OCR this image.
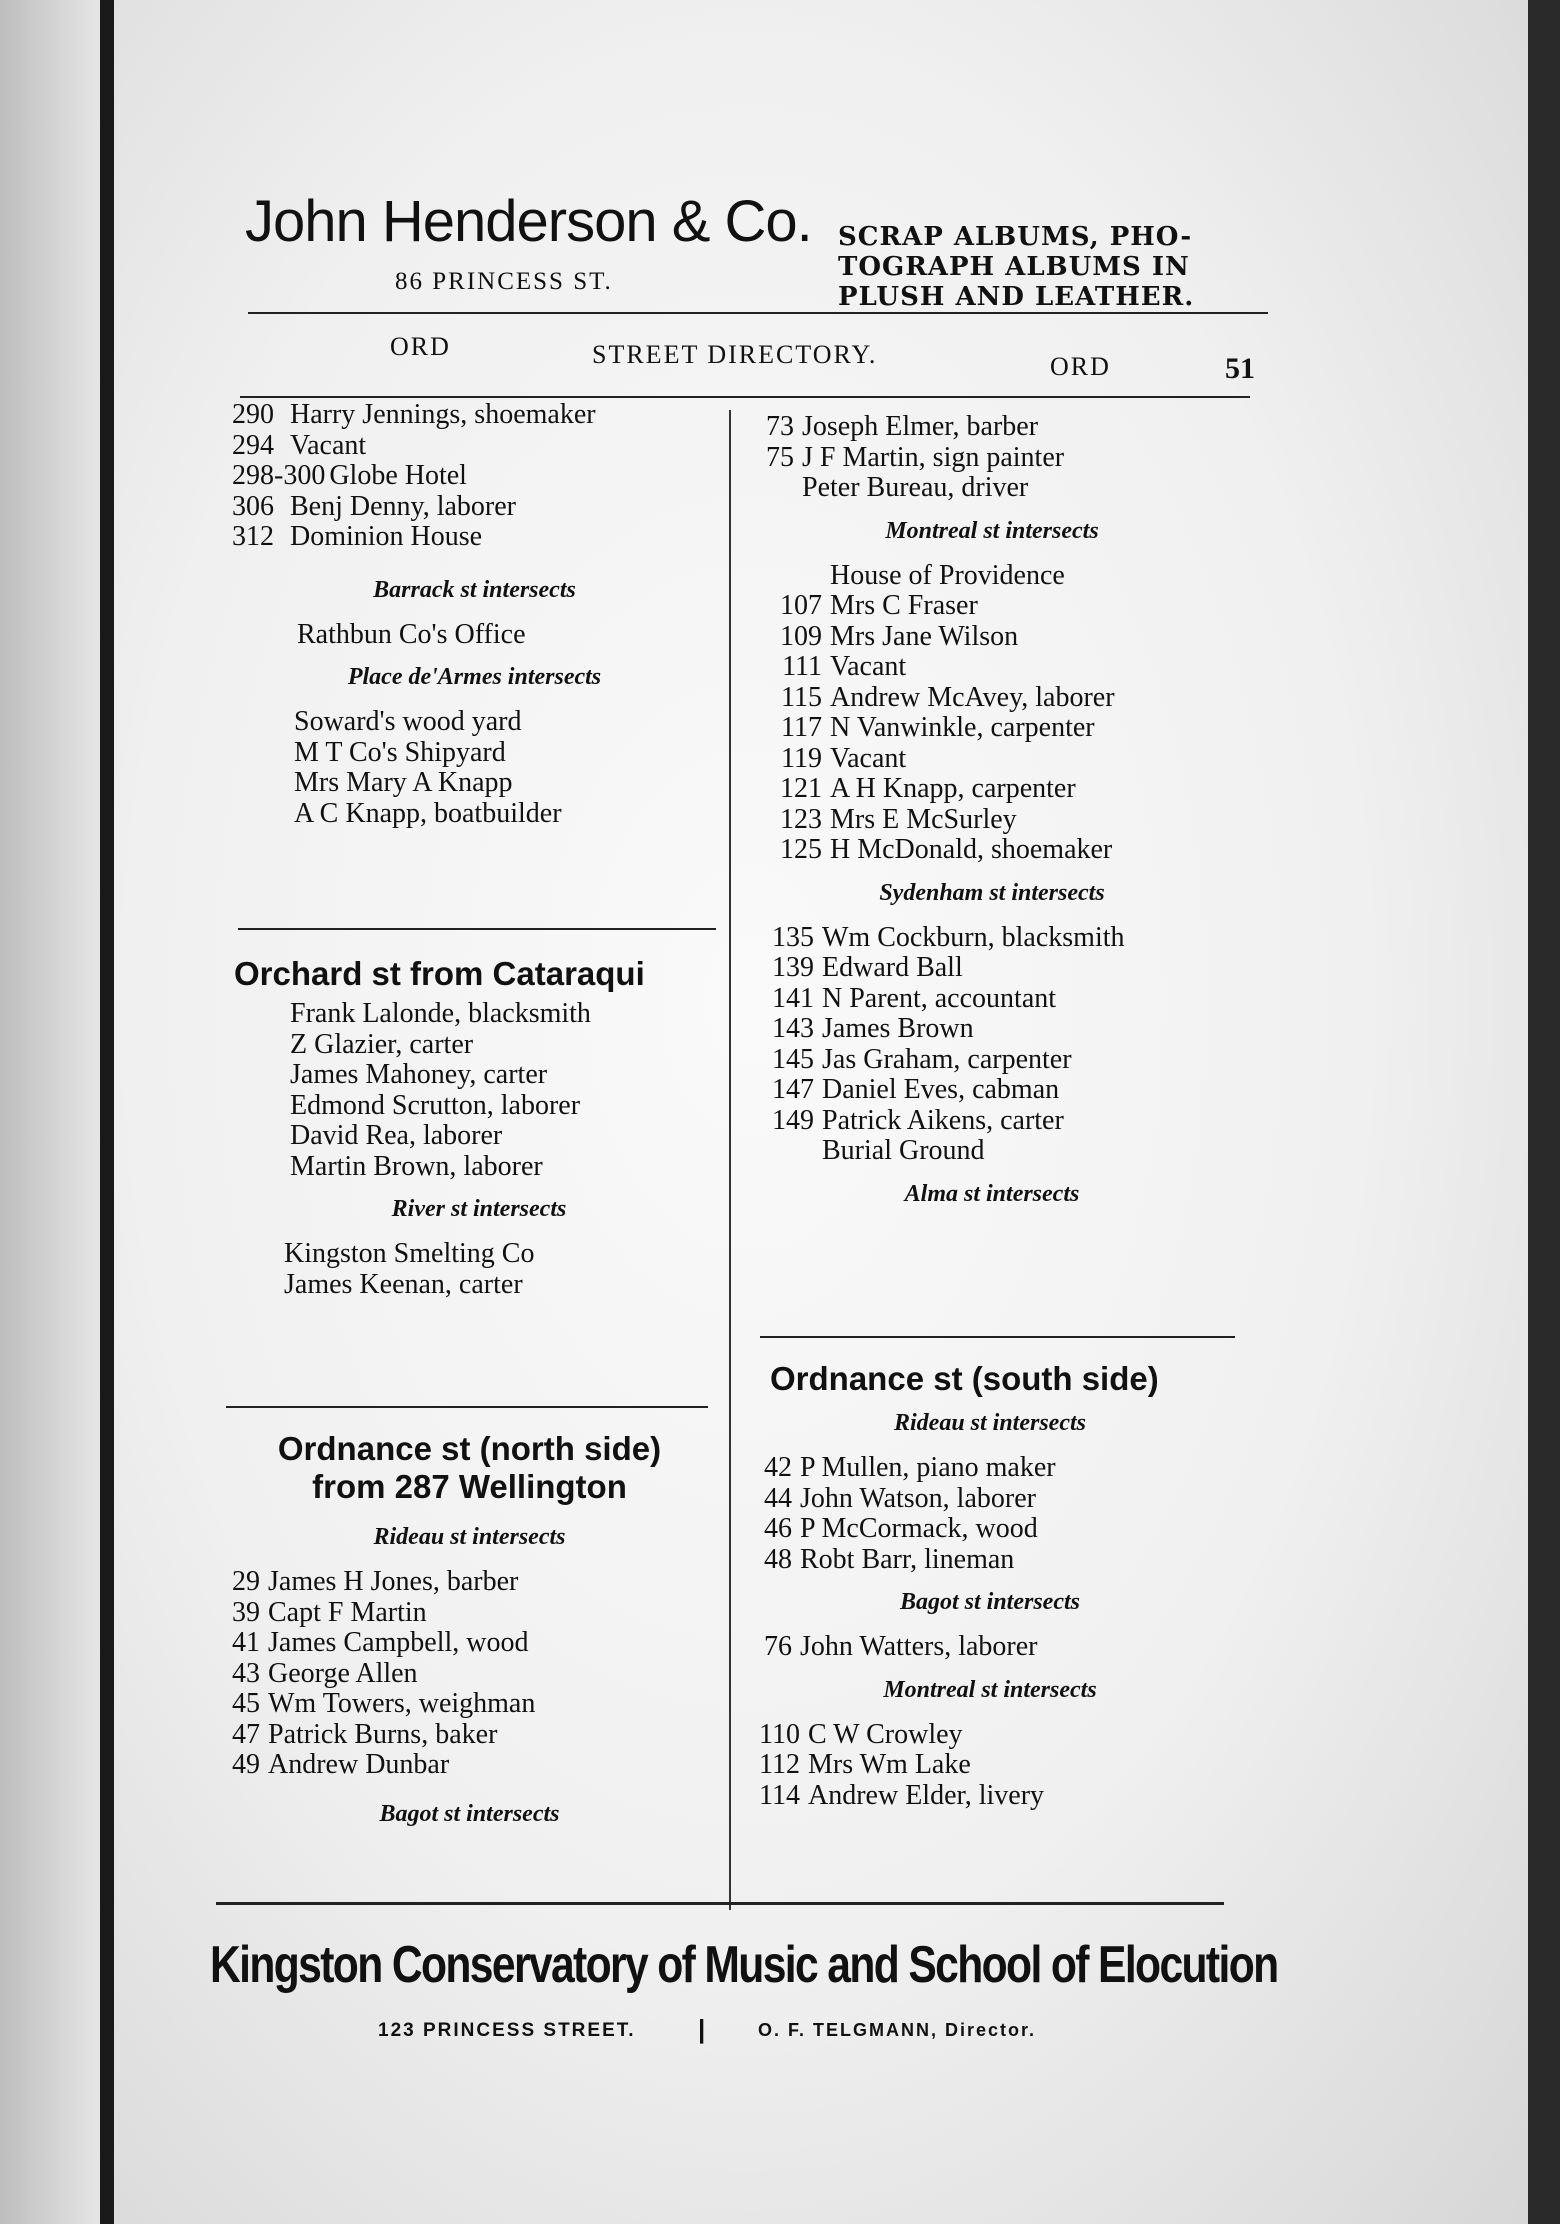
John Henderson & Co.
86 PRINCESS ST.
SCRAP ALBUMS, PHO-
TOGRAPH ALBUMS IN
PLUSH AND LEATHER.
ORD	STREET DIRECTORY.	ORD	51
290 Harry Jennings, shoemaker
294 Vacant
298-300 Globe Hotel
306 Benj Denny, laborer
312 Dominion House
Barrack st intersects
Rathbun Co's Office
Place de'Armes intersects
Soward's wood yard
M T Co's Shipyard
Mrs Mary A Knapp
A C Knapp, boatbuilder
Orchard st from Cataraqui
Frank Lalonde, blacksmith
Z Glazier, carter
James Mahoney, carter
Edmond Scrutton, laborer
David Rea, laborer
Martin Brown, laborer
River st intersects
Kingston Smelting Co
James Keenan, carter
Ordnance st (north side)
from 287 Wellington
Rideau st intersects
29 James H Jones, barber
39 Capt F Martin
41 James Campbell, wood
43 George Allen
45 Wm Towers, weighman
47 Patrick Burns, baker
49 Andrew Dunbar
Bagot st intersects
73 Joseph Elmer, barber
75 J F Martin, sign painter
Peter Bureau, driver
Montreal st intersects
House of Providence
107 Mrs C Fraser
109 Mrs Jane Wilson
111 Vacant
115 Andrew McAvey, laborer
117 N Vanwinkle, carpenter
119 Vacant
121 A H Knapp, carpenter
123 Mrs E McSurley
125 H McDonald, shoemaker
Sydenham st intersects
135 Wm Cockburn, blacksmith
139 Edward Ball
141 N Parent, accountant
143 James Brown
145 Jas Graham, carpenter
147 Daniel Eves, cabman
149 Patrick Aikens, carter
Burial Ground
Alma st intersects
Ordnance st (south side)
Rideau st intersects
42 P Mullen, piano maker
44 John Watson, laborer
46 P McCormack, wood
48 Robt Barr, lineman
Bagot st intersects
76 John Watters, laborer
Montreal st intersects
110 C W Crowley
112 Mrs Wm Lake
114 Andrew Elder, livery
Kingston Conservatory of Music and School of Elocution
123 PRINCESS STREET. |	O. F. TELGMANN, Director.
